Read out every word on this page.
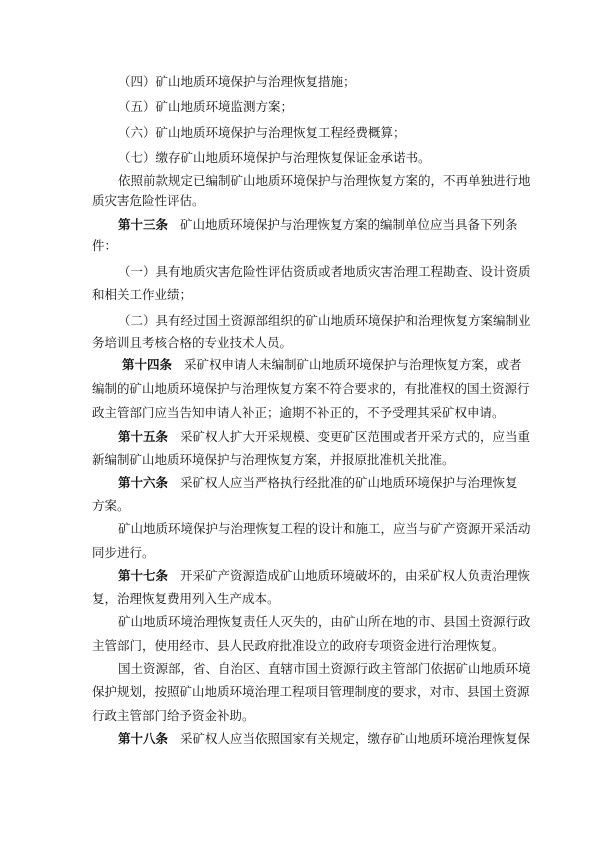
（四）矿山地质环境保护与治理恢复措施；
（五）矿山地质环境监测方案；
（六）矿山地质环境保护与治理恢复工程经费概算；
（七）缴存矿山地质环境保护与治理恢复保证金承诺书。
依照前款规定已编制矿山地质环境保护与治理恢复方案的，不再单独进行地
质灾害危险性评估。
第十三条 矿山地质环境保护与治理恢复方案的编制单位应当具备下列条
件：
（一）具有地质灾害危险性评估资质或者地质灾害治理工程勘查、设计资质
和相关工作业绩；
（二）具有经过国土资源部组织的矿山地质环境保护和治理恢复方案编制业
务培训且考核合格的专业技术人员。
第十四条 采矿权申请人未编制矿山地质环境保护与治理恢复方案，或者
编制的矿山地质环境保护与治理恢复方案不符合要求的，有批准权的国土资源行
政主管部门应当告知申请人补正；逾期不补正的，不予受理其采矿权申请。
第十五条 采矿权人扩大开采规模、变更矿区范围或者开采方式的，应当重
新编制矿山地质环境保护与治理恢复方案，并报原批准机关批准。
第十六条 采矿权人应当严格执行经批准的矿山地质环境保护与治理恢复
方案。
矿山地质环境保护与治理恢复工程的设计和施工，应当与矿产资源开采活动
同步进行。
第十七条 开采矿产资源造成矿山地质环境破坏的，由采矿权人负责治理恢
复，治理恢复费用列入生产成本。
矿山地质环境治理恢复责任人灭失的，由矿山所在地的市、县国土资源行政
主管部门，使用经市、县人民政府批准设立的政府专项资金进行治理恢复。
国土资源部，省、自治区、直辖市国土资源行政主管部门依据矿山地质环境
保护规划，按照矿山地质环境治理工程项目管理制度的要求，对市、县国土资源
行政主管部门给予资金补助。
第十八条 采矿权人应当依照国家有关规定，缴存矿山地质环境治理恢复保
